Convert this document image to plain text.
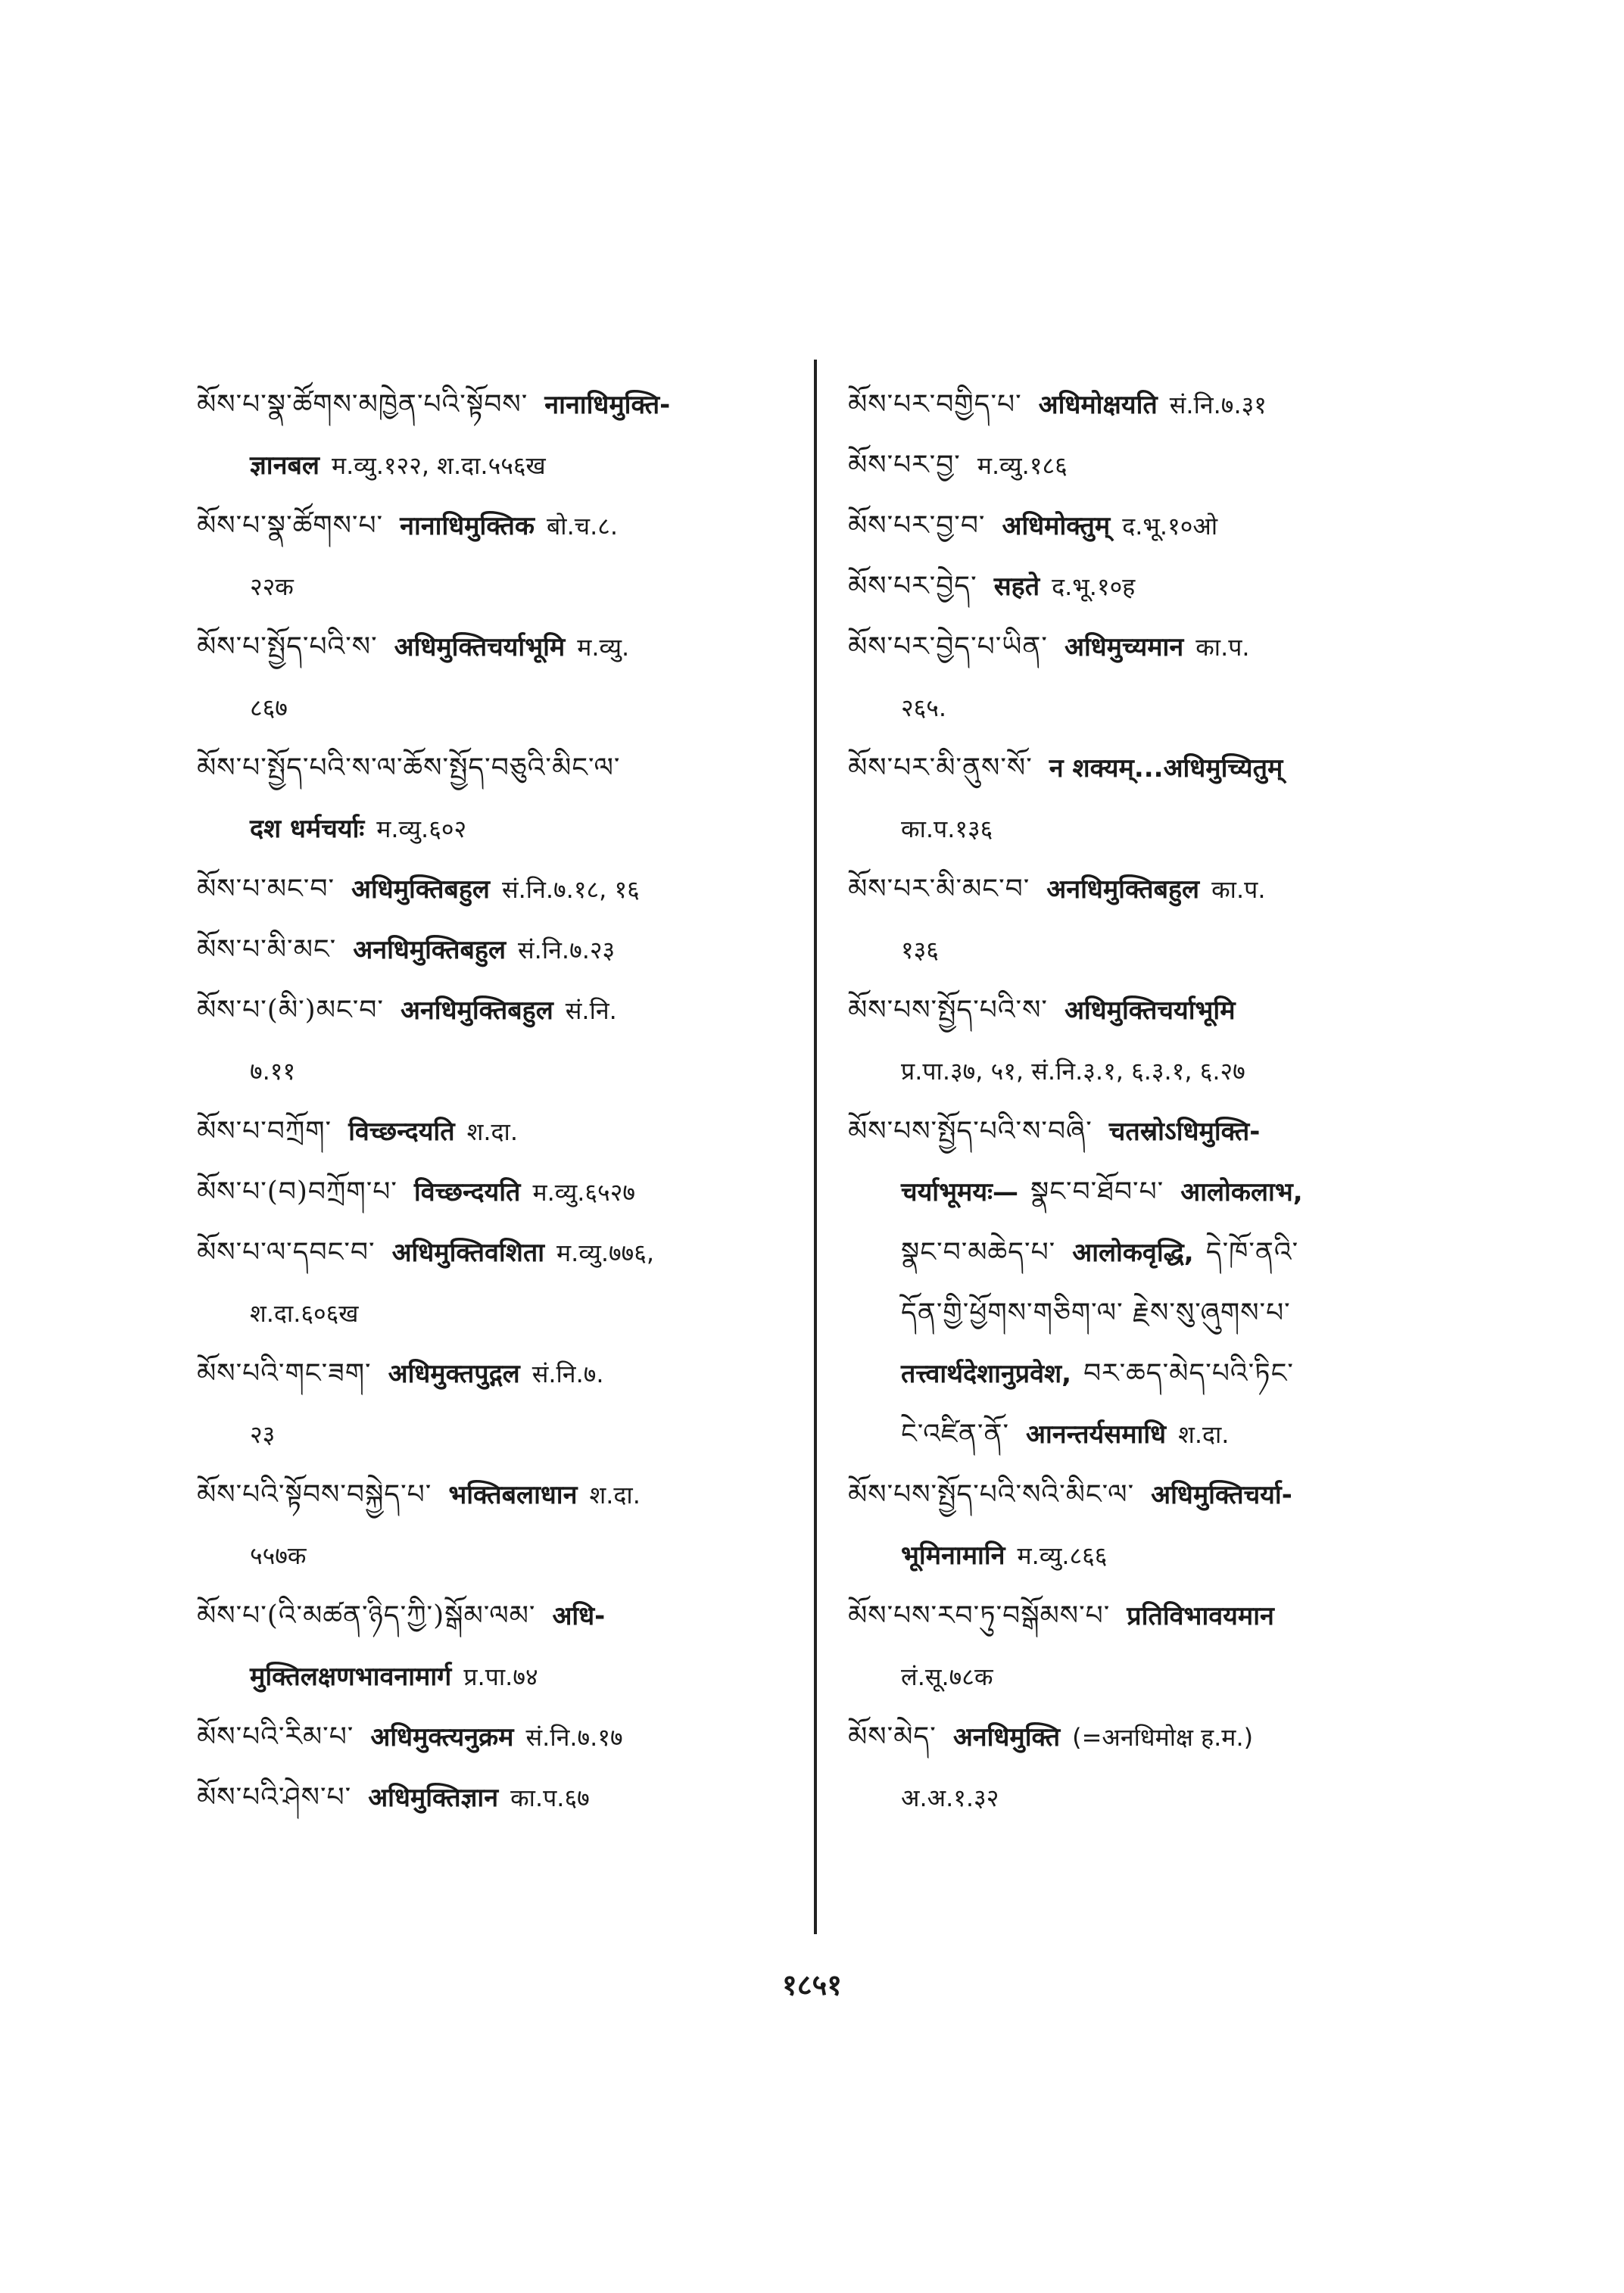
མོས་པ་སྣ་ཚོགས་མཁྱེན་པའི་སྟོབས་ नानाधिमुक्ति-
ज्ञानबल म.व्यु.१२२, श.दा.५५६ख
མོས་པ་སྣ་ཚོགས་པ་ नानाधिमुक्तिक बो.च.८.
२२क
མོས་པ་སྤྱོད་པའི་ས་ अधिमुक्तिचर्याभूमि म.व्यु.
८६७
མོས་པ་སྤྱོད་པའི་ས་ལ་ཆོས་སྤྱོད་བཅུའི་མིང་ལ་
दश धर्मचर्याः म.व्यु.६०२
མོས་པ་མང་བ་ अधिमुक्तिबहुल सं.नि.७.१८, १६
མོས་པ་མི་མང་ अनधिमुक्तिबहुल सं.नि.७.२३
མོས་པ་(མི་)མང་བ་ अनधिमुक्तिबहुल सं.नि.
७.११
མོས་པ་བཀྲོག་ विच्छन्दयति श.दा.
མོས་པ་(བ)བཀྲོག་པ་ विच्छन्दयति म.व्यु.६५२७
མོས་པ་ལ་དབང་བ་ अधिमुक्तिवशिता म.व्यु.७७६,
श.दा.६०६ख
མོས་པའི་གང་ཟག་ अधिमुक्तपुद्गल सं.नि.७.
२३
མོས་པའི་སྟོབས་བསྐྱེད་པ་ भक्तिबलाधान श.दा.
५५७क
མོས་པ་(འི་མཚན་ཉིད་ཀྱི་)སྒོམ་ལམ་ अधि-
मुक्तिलक्षणभावनामार्ग प्र.पा.७४
མོས་པའི་རིམ་པ་ अधिमुक्त्यनुक्रम सं.नि.७.१७
མོས་པའི་ཤེས་པ་ अधिमुक्तिज्ञान का.प.६७
མོས་པར་བགྱིད་པ་ अधिमोक्षयति सं.नि.७.३१
མོས་པར་བྱ་ म.व्यु.१८६
མོས་པར་བྱ་བ་ अधिमोक्तुम् द.भू.१०ओ
མོས་པར་བྱེད་ सहते द.भू.१०ह
མོས་པར་བྱེད་པ་ཡིན་ अधिमुच्यमान का.प.
२६५.
མོས་པར་མི་ནུས་སོ་ न शक्यम्...अधिमुच्यितुम्
का.प.१३६
མོས་པར་མི་མང་བ་ अनधिमुक्तिबहुल का.प.
१३६
མོས་པས་སྤྱོད་པའི་ས་ अधिमुक्तिचर्याभूमि
प्र.पा.३७, ५१, सं.नि.३.१, ६.३.१, ६.२७
མོས་པས་སྤྱོད་པའི་ས་བཞི་ चतस्रोऽधिमुक्ति-
चर्याभूमयः— སྣང་བ་ཐོབ་པ་ आलोकलाभ,
སྣང་བ་མཆེད་པ་ आलोकवृद्धि, དེ་ཁོ་ནའི་
དོན་གྱི་ཕྱོགས་གཅིག་ལ་ རྗེས་སུ་ཞུགས་པ་
तत्त्वार्थदेशानुप्रवेश, བར་ཆད་མེད་པའི་ཏིང་
ངེ་འཛིན་ནོ་ आनन्तर्यसमाधि श.दा.
མོས་པས་སྤྱོད་པའི་སའི་མིང་ལ་ अधिमुक्तिचर्या-
भूमिनामानि म.व्यु.८६६
མོས་པས་རབ་ཏུ་བསྒོམས་པ་ प्रतिविभावयमान
लं.सू.७८क
མོས་མེད་ अनधिमुक्ति (=अनधिमोक्ष ह.म.)
अ.अ.१.३२
१८५१
